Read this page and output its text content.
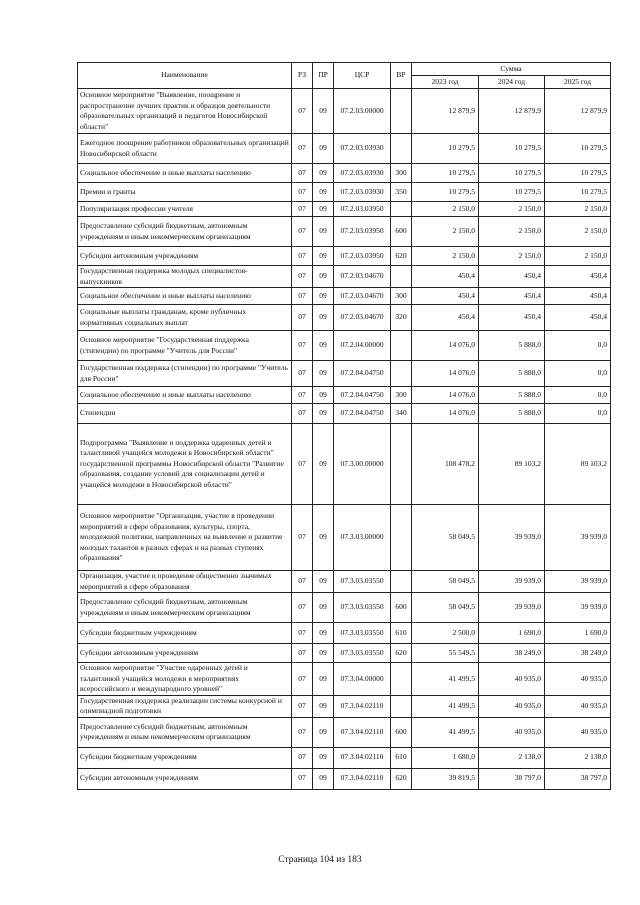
Наименование	РЗ	ПР	ЦСР	ВР	Сумма		
					2023 год	2024 год	2025 год
Основное мероприятие "Выявление, поощрение и распространение лучших практик и образцов деятельности образовательных организаций и педагогов Новосибирской области"	07	09	07.2.03.00000		12 879,9	12 879,9	12 879,9
Ежегодное поощрение работников образовательных организаций Новосибирской области	07	09	07.2.03.03930		10 279,5	10 279,5	10 279,5
Социальное обеспечение и иные выплаты населению	07	09	07.2.03.03930	300	10 279,5	10 279,5	10 279,5
Премии и гранты	07	09	07.2.03.03930	350	10 279,5	10 279,5	10 279,5
Популяризация профессии учителя	07	09	07.2.03.03950		2 150,0	2 150,0	2 150,0
Предоставление субсидий бюджетным, автономным учреждениям и иным некоммерческим организациям	07	09	07.2.03.03950	600	2 150,0	2 150,0	2 150,0
Субсидии автономным учреждениям	07	09	07.2.03.03950	620	2 150,0	2 150,0	2 150,0
Государственная поддержка молодых специалистов-выпускников	07	09	07.2.03.04670		450,4	450,4	450,4
Социальное обеспечение и иные выплаты населению	07	09	07.2.03.04670	300	450,4	450,4	450,4
Социальные выплаты гражданам, кроме публичных нормативных социальных выплат	07	09	07.2.03.04670	320	450,4	450,4	450,4
Основное мероприятие "Государственная поддержка (стипендии) по программе "Учитель для России"	07	09	07.2.04.00000		14 076,0	5 888,0	0,0
Государственная поддержка (стипендии) по программе "Учитель для России"	07	09	07.2.04.04750		14 076,0	5 888,0	0,0
Социальное обеспечение и иные выплаты населению	07	09	07.2.04.04750	300	14 076,0	5 888,0	0,0
Стипендии	07	09	07.2.04.04750	340	14 076,0	5 888,0	0,0
Подпрограмма "Выявление и поддержка одаренных детей и талантливой учащейся молодежи в Новосибирской области" государственной программы Новосибирской области "Развитие образования, создание условий для социализации детей и учащейся молодежи в Новосибирской области"	07	09	07.3.00.00000		108 478,2	89 103,2	89 103,2
Основное мероприятие "Организация, участие в проведении мероприятий в сфере образования, культуры, спорта, молодежной политики, направленных на выявление и развитие молодых талантов в разных сферах и на разных ступенях образования"	07	09	07.3.03.00000		58 049,5	39 939,0	39 939,0
Организация, участие и проведение общественно значимых мероприятий в сфере образования	07	09	07.3.03.03550		58 049,5	39 939,0	39 939,0
Предоставление субсидий бюджетным, автономным учреждениям и иным некоммерческим организациям	07	09	07.3.03.03550	600	58 049,5	39 939,0	39 939,0
Субсидии бюджетным учреждениям	07	09	07.3.03.03550	610	2 500,0	1 690,0	1 690,0
Субсидии автономным учреждениям	07	09	07.3.03.03550	620	55 549,5	38 249,0	38 249,0
Основное мероприятие "Участие одаренных детей и талантливой учащейся молодежи в мероприятиях всероссийского и международного уровней"	07	09	07.3.04.00000		41 499,5	40 935,0	40 935,0
Государственная поддержка реализации системы конкурсной и олимпиадной подготовки	07	09	07.3.04.02110		41 499,5	40 935,0	40 935,0
Предоставление субсидий бюджетным, автономным учреждениям и иным некоммерческим организациям	07	09	07.3.04.02110	600	41 499,5	40 935,0	40 935,0
Субсидии бюджетным учреждениям	07	09	07.3.04.02110	610	1 680,0	2 138,0	2 138,0
Субсидии автономным учреждениям	07	09	07.3.04.02110	620	39 819,5	38 797,0	38 797,0
Страница 104 из 183
